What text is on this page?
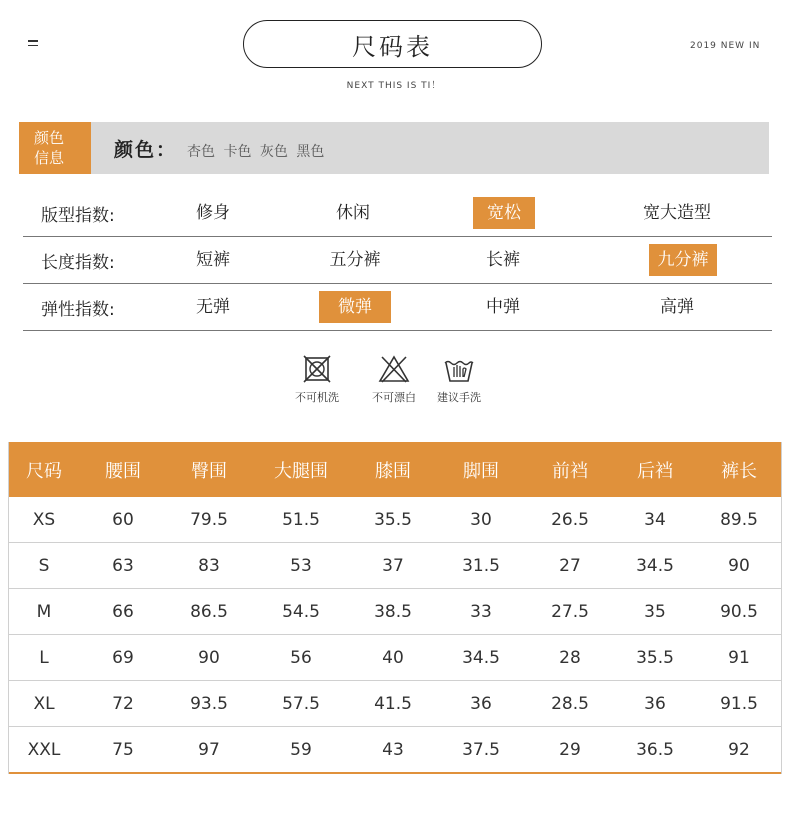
尺码表
NEXT THIS IS TI！
2019 NEW IN
颜色
信息	颜色： 杏色 卡色 灰色 黑色
版型指数:	修身	休闲	宽松	宽大造型
长度指数:	短裤	五分裤	长裤	九分裤
弹性指数:	无弹	微弹	中弹	高弹
不可机洗	不可漂白	建议手洗
尺码	腰围	臀围	大腿围	膝围	脚围	前裆	后裆	裤长
XS	60	79.5	51.5	35.5	30	26.5	34	89.5
S	63	83	53	37	31.5	27	34.5	90
M	66	86.5	54.5	38.5	33	27.5	35	90.5
L	69	90	56	40	34.5	28	35.5	91
XL	72	93.5	57.5	41.5	36	28.5	36	91.5
XXL	75	97	59	43	37.5	29	36.5	92
